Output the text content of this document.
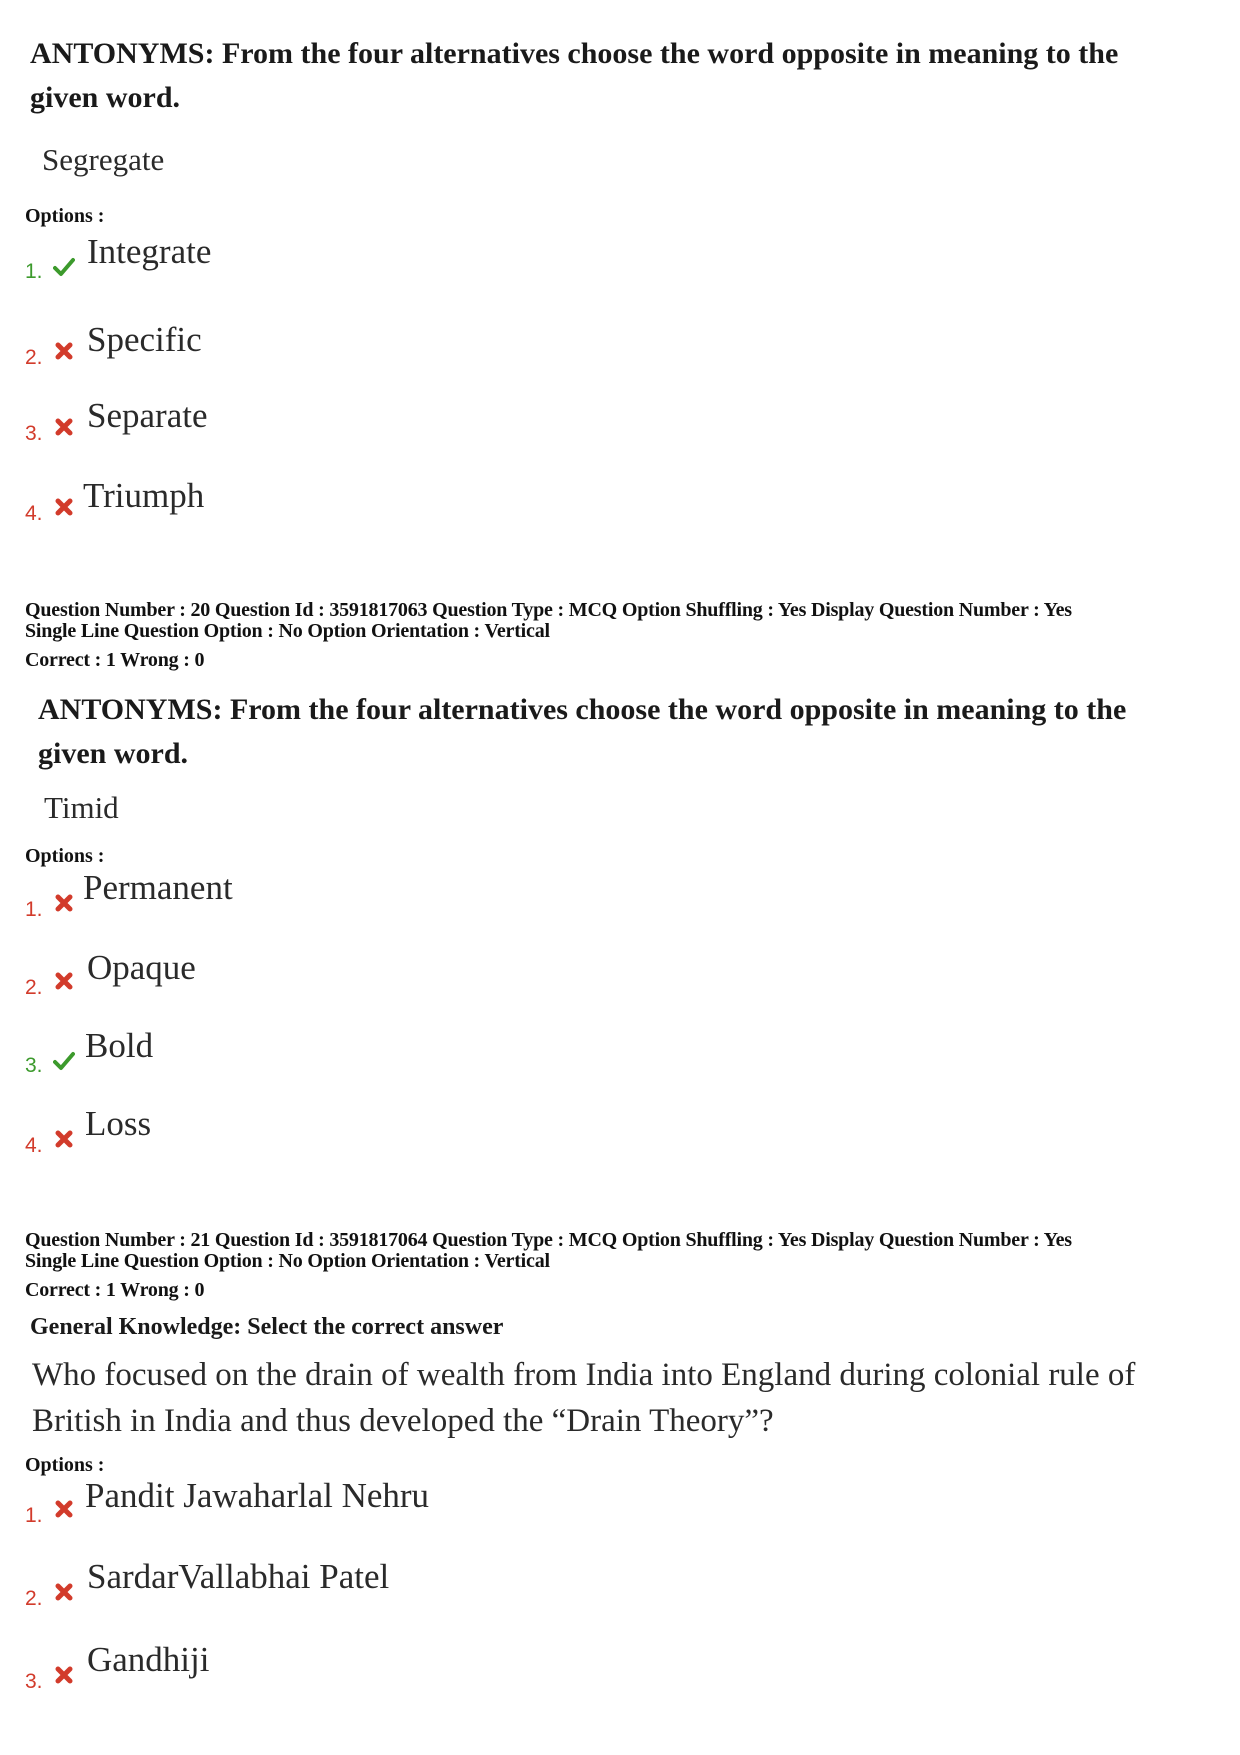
ANTONYMS: From the four alternatives choose the word opposite in meaning to the
given word.
Segregate
Options :
1.
Integrate
2. Specific
3. Separate
4. Triumph
Question Number : 20 Question Id : 3591817063 Question Type : MCQ Option Shuffling : Yes Display Question Number : Yes
Single Line Question Option : No Option Orientation : Vertical
Correct : 1 Wrong : 0
ANTONYMS: From the four alternatives choose the word opposite in meaning to the
given word.
Timid
Options :
1.
Permanent
2.
Opaque
3.
Bold
4.
Loss
Question Number : 21 Question Id : 3591817064 Question Type : MCQ Option Shuffling : Yes Display Question Number : Yes
Single Line Question Option : No Option Orientation : Vertical
Correct : 1 Wrong : 0
General Knowledge: Select the correct answer
Who focused on the drain of wealth from India into England during colonial rule of
British in India and thus developed the “Drain Theory”?
Options :
1.
Pandit Jawaharlal Nehru
2.
SardarVallabhai Patel
3.
Gandhiji
